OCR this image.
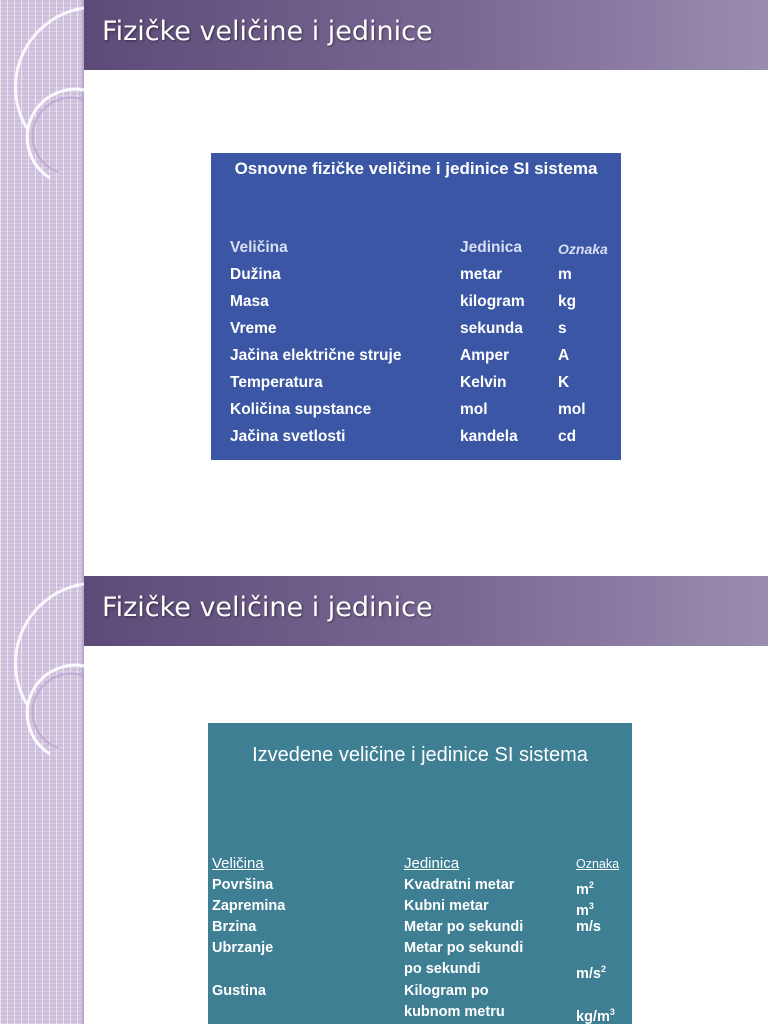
Fizičke veličine i jedinice
Osnovne fizičke veličine i jedinice SI sistema
Veličina	Jedinica	Oznaka
Dužina	metar	m
Masa	kilogram kg
Vreme	sekunda s
Jačina električne struje	Amper	A
Temperatura	Kelvin	K
Količina supstance	mol	mol
Jačina svetlosti	kandela	cd
Fizičke veličine i jedinice
Izvedene veličine i jedinice SI sistema
Veličina	Jedinica	Oznaka
Površina	Kvadratni metar	$m^2$
Zapremina	Kubni metar	$m^3$
Brzina	Metar po sekundi	m/s
Ubrzanje	Metar po sekundi
po sekundi	$m/s^2$
Gustina	Kilogram po
kubnom metru	$kg/m^3$
